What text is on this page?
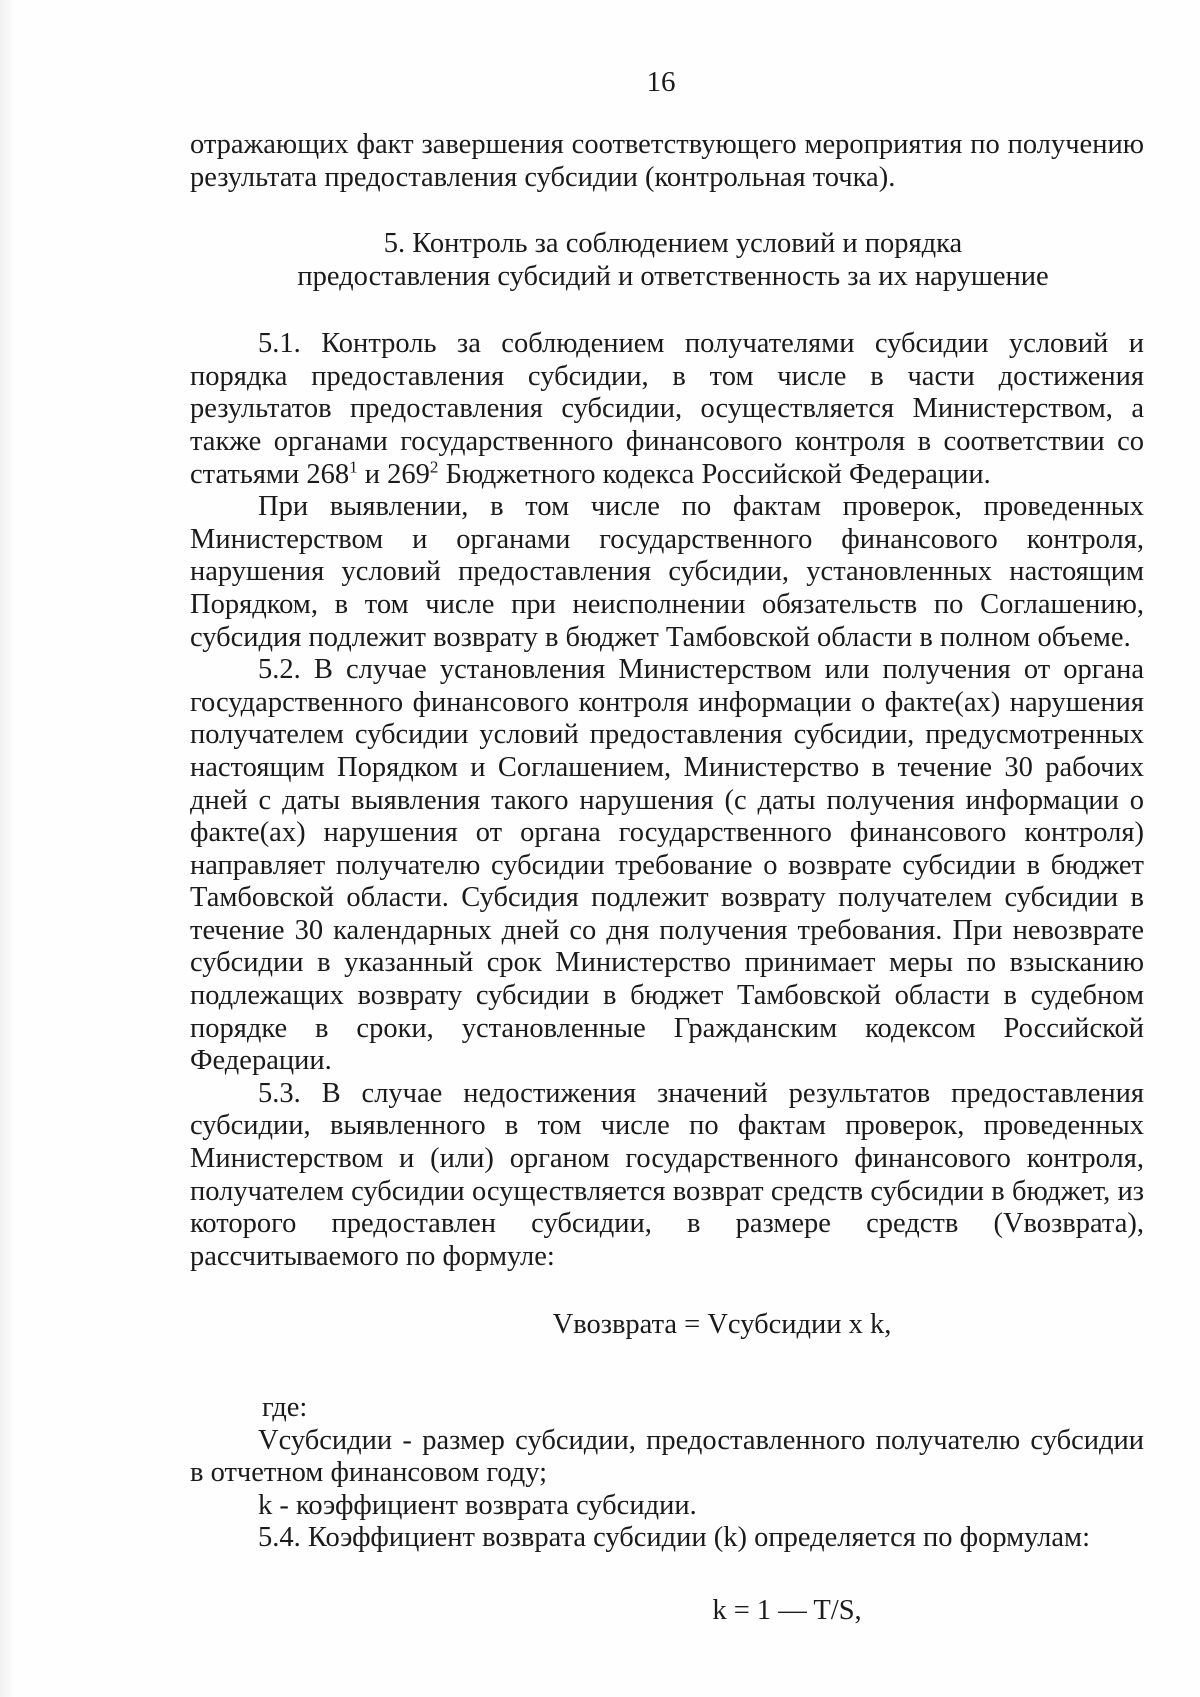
16

отражающих факт завершения соответствующего мероприятия по получению результата предоставления субсидии (контрольная точка).

5. Контроль за соблюдением условий и порядка

предоставления субсидий и ответственность за их нарушение

5.1. Контроль за соблюдением получателями субсидии условий и порядка предоставления субсидии, в том числе в части достижения результатов предоставления субсидии, осуществляется Министерством, а также органами государственного финансового контроля в соответствии со статьями $268^1$ и $269^2$ Бюджетного кодекса Российской Федерации.

При выявлении, в том числе по фактам проверок, проведенных Министерством и органами государственного финансового контроля, нарушения условий предоставления субсидии, установленных настоящим Порядком, в том числе при неисполнении обязательств по Соглашению, субсидия подлежит возврату в бюджет Тамбовской области в полном объеме.

5.2. В случае установления Министерством или получения от органа государственного финансового контроля информации о факте(ах) нарушения получателем субсидии условий предоставления субсидии, предусмотренных настоящим Порядком и Соглашением, Министерство в течение 30 рабочих дней с даты выявления такого нарушения (с даты получения информации о факте(ах) нарушения от органа государственного финансового контроля) направляет получателю субсидии требование о возврате субсидии в бюджет Тамбовской области. Субсидия подлежит возврату получателем субсидии в течение 30 календарных дней со дня получения требования. При невозврате субсидии в указанный срок Министерство принимает меры по взысканию подлежащих возврату субсидии в бюджет Тамбовской области в судебном порядке в сроки, установленные Гражданским кодексом Российской Федерации.

5.3. В случае недостижения значений результатов предоставления субсидии, выявленного в том числе по фактам проверок, проведенных Министерством и (или) органом государственного финансового контроля, получателем субсидии осуществляется возврат средств субсидии в бюджет, из которого предоставлен субсидии, в размере средств (Vвозврата), рассчитываемого по формуле:

Vвозврата = Vсубсидии x k,

где:

Vсубсидии - размер субсидии, предоставленного получателю субсидии в отчетном финансовом году;

k - коэффициент возврата субсидии.

5.4. Коэффициент возврата субсидии (k) определяется по формулам:

k = 1 — T/S,
